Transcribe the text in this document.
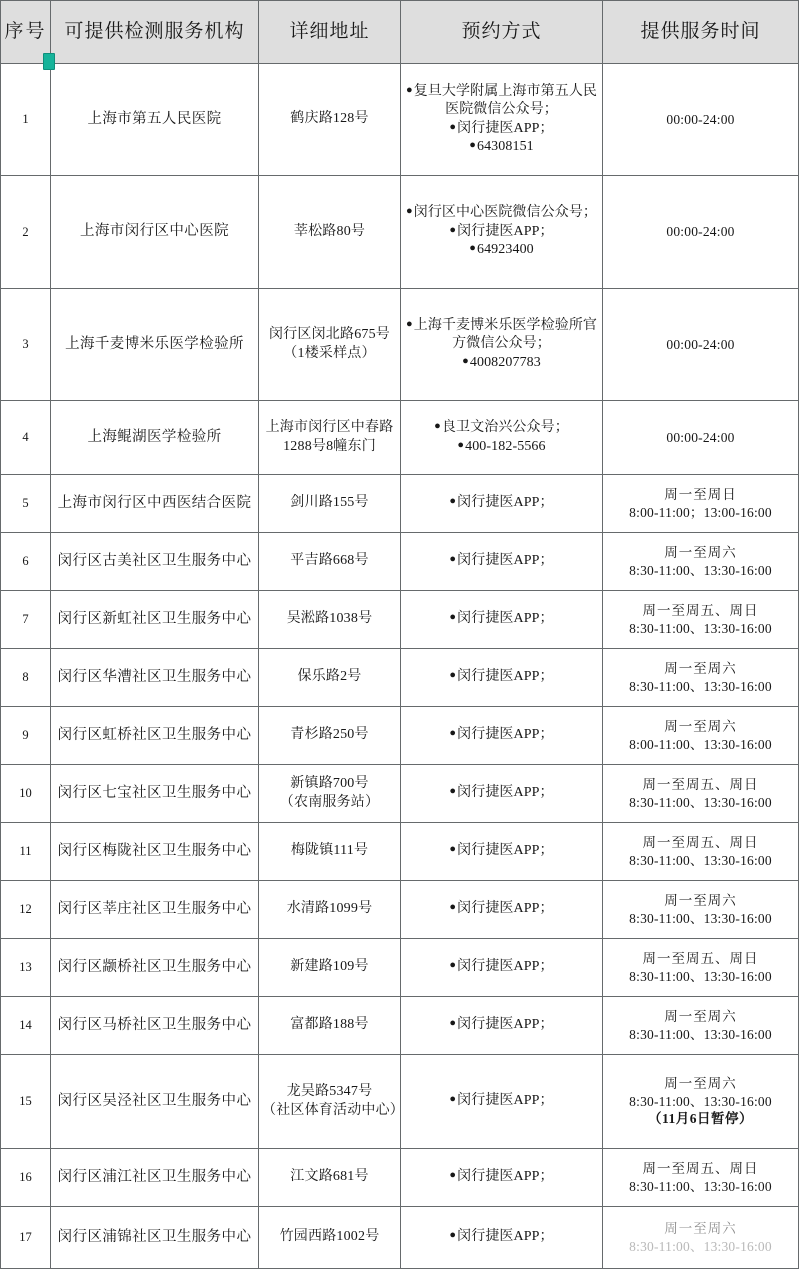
序号	可提供检测服务机构	详细地址	预约方式	提供服务时间
1	上海市第五人民医院	鹤庆路128号	●复旦大学附属上海市第五人民医院微信公众号；
●闵行捷医APP；
●64308151	00:00-24:00

2	上海市闵行区中心医院	莘松路80号	●闵行区中心医院微信公众号；
●闵行捷医APP；
●64923400	00:00-24:00

3	上海千麦博米乐医学检验所	闵行区闵北路675号
（1楼采样点）	●上海千麦博米乐医学检验所官方微信公众号；
●4008207783	00:00-24:00

4	上海鲲湖医学检验所	上海市闵行区中春路
1288号8幢东门	●良卫文治兴公众号；
●400-182-5566	00:00-24:00

5	上海市闵行区中西医结合医院	剑川路155号	●闵行捷医APP；	周一至周日
8:00-11:00；13:00-16:00

6	闵行区古美社区卫生服务中心	平吉路668号	●闵行捷医APP；	周一至周六
8:30-11:00、13:30-16:00

7	闵行区新虹社区卫生服务中心	吴淞路1038号	●闵行捷医APP；	周一至周五、周日
8:30-11:00、13:30-16:00

8	闵行区华漕社区卫生服务中心	保乐路2号	●闵行捷医APP；	周一至周六
8:30-11:00、13:30-16:00

9	闵行区虹桥社区卫生服务中心	青杉路250号	●闵行捷医APP；	周一至周六
8:00-11:00、13:30-16:00

10	闵行区七宝社区卫生服务中心	新镇路700号
（农南服务站）	●闵行捷医APP；	周一至周五、周日
8:30-11:00、13:30-16:00

11	闵行区梅陇社区卫生服务中心	梅陇镇111号	●闵行捷医APP；	周一至周五、周日
8:30-11:00、13:30-16:00

12	闵行区莘庄社区卫生服务中心	水清路1099号	●闵行捷医APP；	周一至周六
8:30-11:00、13:30-16:00

13	闵行区颛桥社区卫生服务中心	新建路109号	●闵行捷医APP；	周一至周五、周日
8:30-11:00、13:30-16:00

14	闵行区马桥社区卫生服务中心	富都路188号	●闵行捷医APP；	周一至周六
8:30-11:00、13:30-16:00

15	闵行区吴泾社区卫生服务中心	龙吴路5347号
（社区体育活动中心）	●闵行捷医APP；	周一至周六
8:30-11:00、13:30-16:00
（11月6日暂停）

16	闵行区浦江社区卫生服务中心	江文路681号	●闵行捷医APP；	周一至周五、周日
8:30-11:00、13:30-16:00

17	闵行区浦锦社区卫生服务中心	竹园西路1002号	●闵行捷医APP；	周一至周六
8:30-11:00、13:30-16:00
